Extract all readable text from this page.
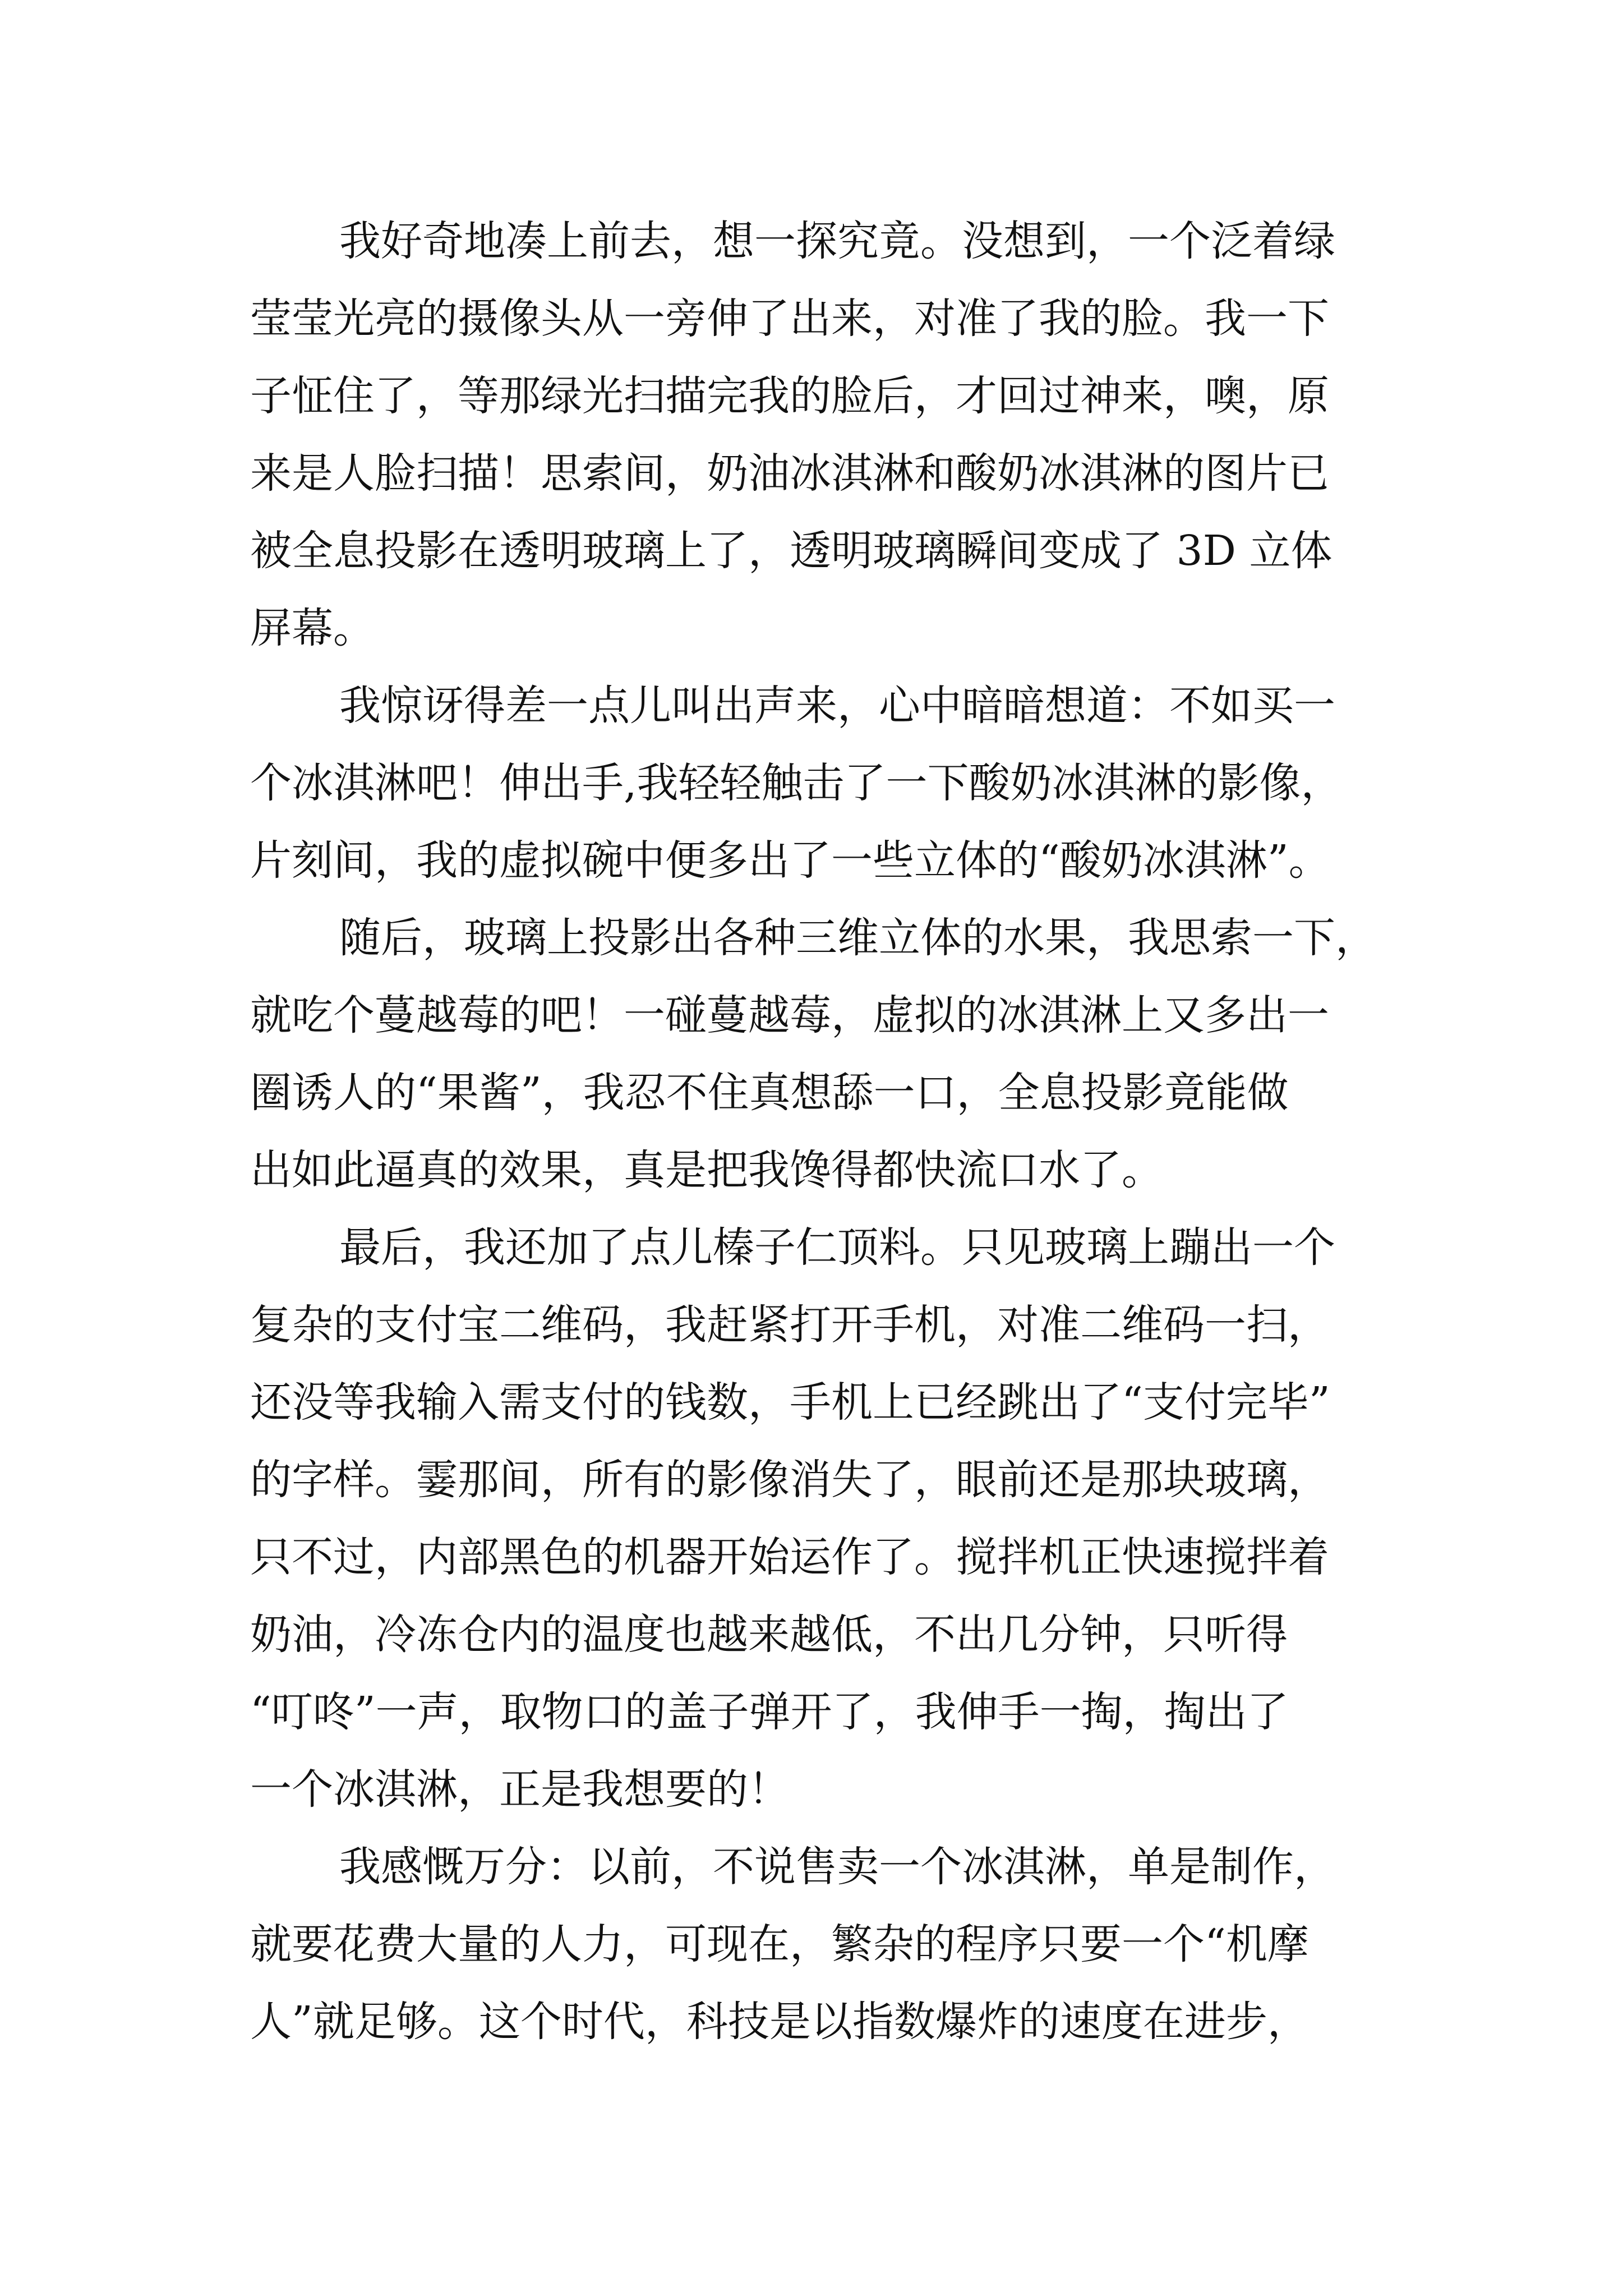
我好奇地凑上前去，想一探究竟。没想到，一个泛着绿
莹莹光亮的摄像头从一旁伸了出来，对准了我的脸。我一下
子怔住了，等那绿光扫描完我的脸后，才回过神来，噢，原
来是人脸扫描！思索间，奶油冰淇淋和酸奶冰淇淋的图片已
被全息投影在透明玻璃上了，透明玻璃瞬间变成了 3D 立体
屏幕。
我惊讶得差一点儿叫出声来，心中暗暗想道：不如买一
个冰淇淋吧！伸出手,我轻轻触击了一下酸奶冰淇淋的影像，
片刻间，我的虚拟碗中便多出了一些立体的“酸奶冰淇淋”。
随后，玻璃上投影出各种三维立体的水果，我思索一下，
就吃个蔓越莓的吧！一碰蔓越莓，虚拟的冰淇淋上又多出一
圈诱人的“果酱”，我忍不住真想舔一口，全息投影竟能做
出如此逼真的效果，真是把我馋得都快流口水了。
最后，我还加了点儿榛子仁顶料。只见玻璃上蹦出一个
复杂的支付宝二维码，我赶紧打开手机，对准二维码一扫，
还没等我输入需支付的钱数，手机上已经跳出了“支付完毕”
的字样。霎那间，所有的影像消失了，眼前还是那块玻璃，
只不过，内部黑色的机器开始运作了。搅拌机正快速搅拌着
奶油，冷冻仓内的温度也越来越低，不出几分钟，只听得
“叮咚”一声，取物口的盖子弹开了，我伸手一掏，掏出了
一个冰淇淋，正是我想要的！
我感慨万分：以前，不说售卖一个冰淇淋，单是制作，
就要花费大量的人力，可现在，繁杂的程序只要一个“机摩
人”就足够。这个时代，科技是以指数爆炸的速度在进步，
